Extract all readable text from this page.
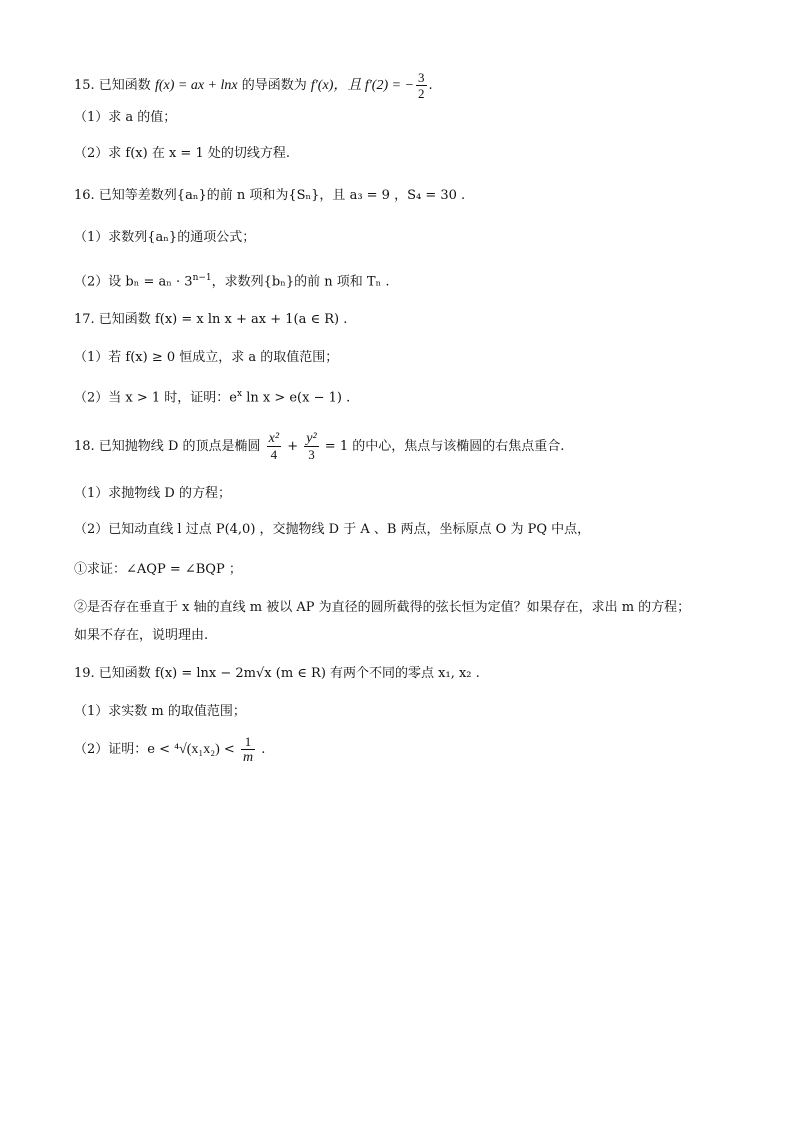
15. 已知函数 f(x) = ax + lnx 的导函数为 f′(x)，且 f′(2) = − $\frac{3}{2}$ .
（1）求 a 的值；
（2）求 f(x) 在 x = 1 处的切线方程.
16. 已知等差数列{aₙ}的前 n 项和为{Sₙ}，且 a₃ = 9 ，S₄ = 30 .
（1）求数列{aₙ}的通项公式；
（2）设 $b_n = a_n \cdot 3^{n-1}$，求数列{bₙ}的前 n 项和 Tₙ .
17. 已知函数 f(x) = x ln x + ax + 1(a ∈ R) .
（1）若 f(x) ≥ 0 恒成立，求 a 的取值范围；
（2）当 x > 1 时，证明：$e^x$ ln x > e(x − 1) .
18. 已知抛物线 D 的顶点是椭圆 $\frac{\text{x²}}{4} + \frac{\text{y²}}{3} = 1$ 的中心，焦点与该椭圆的右焦点重合.
（1）求抛物线 D 的方程；
（2）已知动直线 l 过点 P(4,0) ，交抛物线 D 于 A 、B 两点，坐标原点 O 为 PQ 中点，
①求证：∠AQP = ∠BQP ；
②是否存在垂直于 x 轴的直线 m 被以 AP 为直径的圆所截得的弦长恒为定值？如果存在，求出 m 的方程；
如果不存在，说明理由.
19. 已知函数 f(x) = lnx − 2m√x (m ∈ R) 有两个不同的零点 x₁, x₂ .
（1）求实数 m 的取值范围；
（2）证明：$e < ^4√(x_1x_2) < \frac{1}{m}$ .
